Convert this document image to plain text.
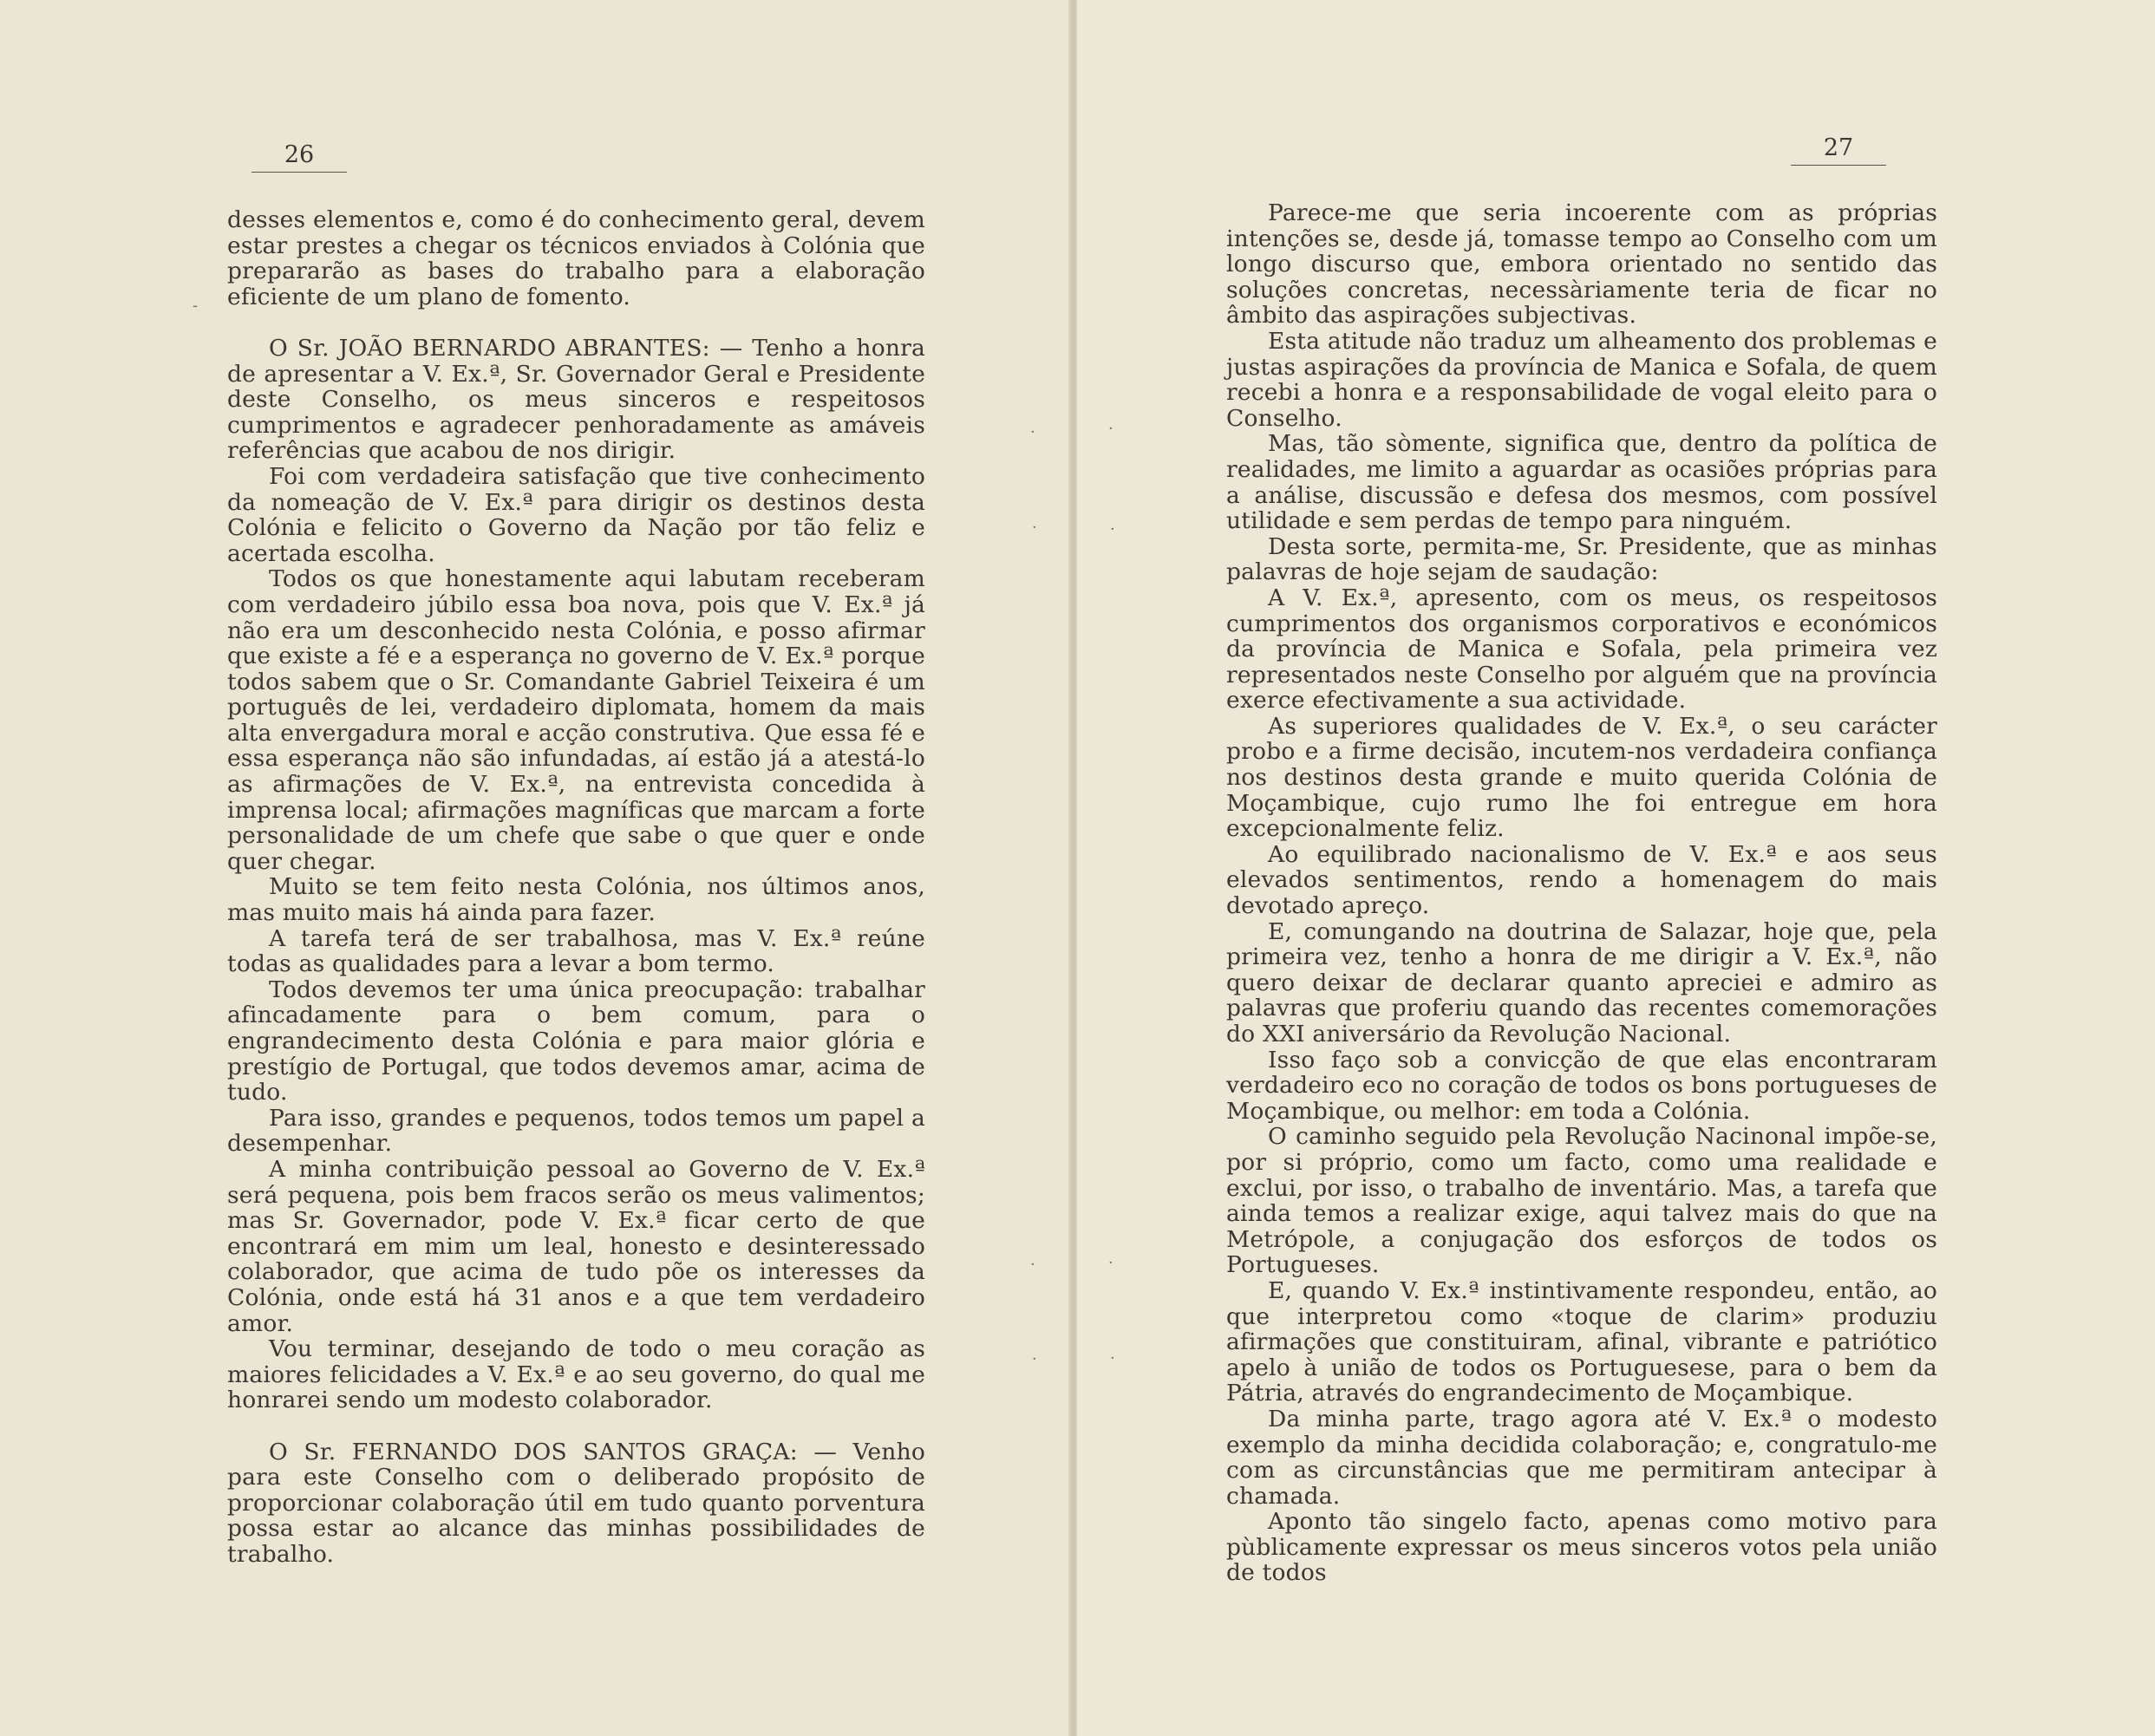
26

desses elementos e, como é do conhecimento geral, devem estar prestes a chegar os técnicos enviados à Colónia que prepararão as bases do trabalho para a elaboração eficiente de um plano de fomento.

O Sr. JOÃO BERNARDO ABRANTES: — Tenho a honra de apresentar a V. Ex.ª, Sr. Governador Geral e Presidente deste Conselho, os meus sinceros e respeitosos cumprimentos e agradecer penhoradamente as amáveis referências que acabou de nos dirigir.

Foi com verdadeira satisfação que tive conhecimento da nomeação de V. Ex.ª para dirigir os destinos desta Colónia e felicito o Governo da Nação por tão feliz e acertada escolha.

Todos os que honestamente aqui labutam receberam com verdadeiro júbilo essa boa nova, pois que V. Ex.ª já não era um desconhecido nesta Colónia, e posso afirmar que existe a fé e a esperança no governo de V. Ex.ª porque todos sabem que o Sr. Comandante Gabriel Teixeira é um português de lei, verdadeiro diplomata, homem da mais alta envergadura moral e acção construtiva. Que essa fé e essa esperança não são infundadas, aí estão já a atestá-lo as afirmações de V. Ex.ª, na entrevista concedida à imprensa local; afirmações magníficas que marcam a forte personalidade de um chefe que sabe o que quer e onde quer chegar.

Muito se tem feito nesta Colónia, nos últimos anos, mas muito mais há ainda para fazer.

A tarefa terá de ser trabalhosa, mas V. Ex.ª reúne todas as qualidades para a levar a bom termo.

Todos devemos ter uma única preocupação: trabalhar afincadamente para o bem comum, para o engrandecimento desta Colónia e para maior glória e prestígio de Portugal, que todos devemos amar, acima de tudo.

Para isso, grandes e pequenos, todos temos um papel a desempenhar.

A minha contribuição pessoal ao Governo de V. Ex.ª será pequena, pois bem fracos serão os meus valimentos; mas Sr. Governador, pode V. Ex.ª ficar certo de que encontrará em mim um leal, honesto e desinteressado colaborador, que acima de tudo põe os interesses da Colónia, onde está há 31 anos e a que tem verdadeiro amor.

Vou terminar, desejando de todo o meu coração as maiores felicidades a V. Ex.ª e ao seu governo, do qual me honrarei sendo um modesto colaborador.

O Sr. FERNANDO DOS SANTOS GRAÇA: — Venho para este Conselho com o deliberado propósito de proporcionar colaboração útil em tudo quanto porventura possa estar ao alcance das minhas possibilidades de trabalho.

-
·
·
·
·
27

Parece-me que seria incoerente com as próprias intenções se, desde já, tomasse tempo ao Conselho com um longo discurso que, embora orientado no sentido das soluções concretas, necessàriamente teria de ficar no âmbito das aspirações subjectivas.

Esta atitude não traduz um alheamento dos problemas e justas aspirações da província de Manica e Sofala, de quem recebi a honra e a responsabilidade de vogal eleito para o Conselho.

Mas, tão sòmente, significa que, dentro da política de realidades, me limito a aguardar as ocasiões próprias para a análise, discussão e defesa dos mesmos, com possível utilidade e sem perdas de tempo para ninguém.

Desta sorte, permita-me, Sr. Presidente, que as minhas palavras de hoje sejam de saudação:

A V. Ex.ª, apresento, com os meus, os respeitosos cumprimentos dos organismos corporativos e económicos da província de Manica e Sofala, pela primeira vez representados neste Conselho por alguém que na província exerce efectivamente a sua actividade.

As superiores qualidades de V. Ex.ª, o seu carácter probo e a firme decisão, incutem-nos verdadeira confiança nos destinos desta grande e muito querida Colónia de Moçambique, cujo rumo lhe foi entregue em hora excepcionalmente feliz.

Ao equilibrado nacionalismo de V. Ex.ª e aos seus elevados sentimentos, rendo a homenagem do mais devotado apreço.

E, comungando na doutrina de Salazar, hoje que, pela primeira vez, tenho a honra de me dirigir a V. Ex.ª, não quero deixar de declarar quanto apreciei e admiro as palavras que proferiu quando das recentes comemorações do XXI aniversário da Revolução Nacional.

Isso faço sob a convicção de que elas encontraram verdadeiro eco no coração de todos os bons portugueses de Moçambique, ou melhor: em toda a Colónia.

O caminho seguido pela Revolução Nacinonal impõe-se, por si próprio, como um facto, como uma realidade e exclui, por isso, o trabalho de inventário. Mas, a tarefa que ainda temos a realizar exige, aqui talvez mais do que na Metrópole, a conjugação dos esforços de todos os Portugueses.

E, quando V. Ex.ª instintivamente respondeu, então, ao que interpretou como «toque de clarim» produziu afirmações que constituiram, afinal, vibrante e patriótico apelo à união de todos os Portuguesese, para o bem da Pátria, através do engrandecimento de Moçambique.

Da minha parte, trago agora até V. Ex.ª o modesto exemplo da minha decidida colaboração; e, congratulo-me com as circunstâncias que me permitiram antecipar à chamada.

Aponto tão singelo facto, apenas como motivo para pùblicamente expressar os meus sinceros votos pela união de todos

·
·
·
·
